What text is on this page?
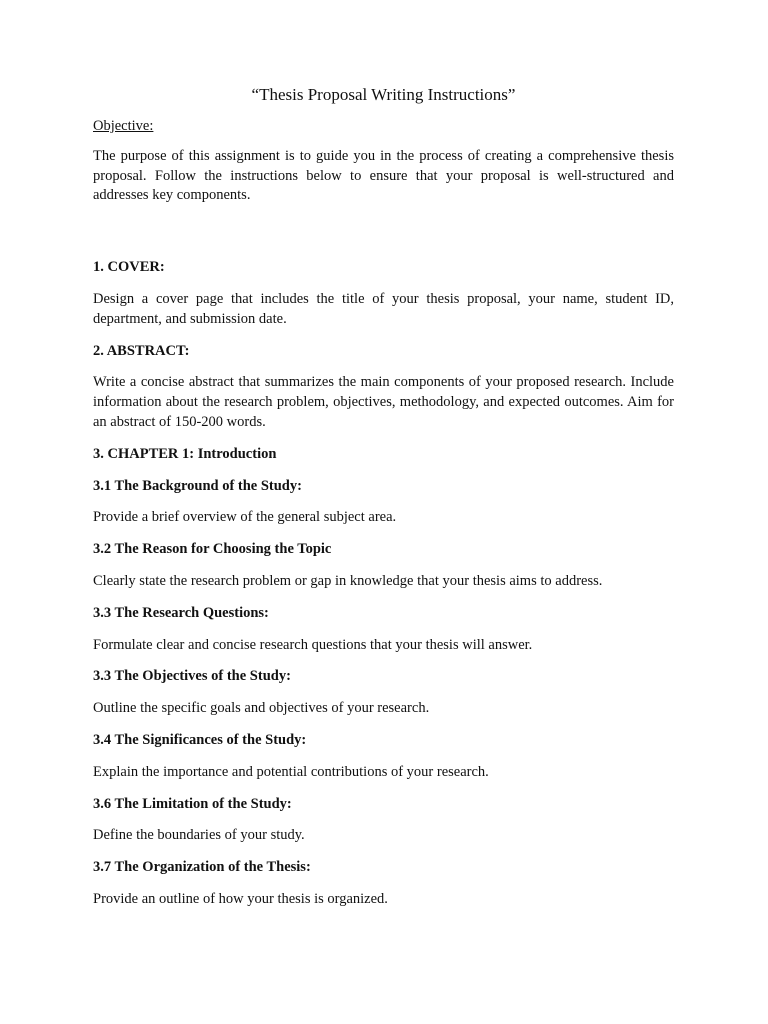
“Thesis Proposal Writing Instructions”
Objective:

The purpose of this assignment is to guide you in the process of creating a comprehensive thesis proposal. Follow the instructions below to ensure that your proposal is well-structured and addresses key components.

1. COVER:

Design a cover page that includes the title of your thesis proposal, your name, student ID, department, and submission date.

2. ABSTRACT:

Write a concise abstract that summarizes the main components of your proposed research. Include information about the research problem, objectives, methodology, and expected outcomes. Aim for an abstract of 150-200 words.

3. CHAPTER 1: Introduction
3.1 The Background of the Study:

Provide a brief overview of the general subject area.

3.2 The Reason for Choosing the Topic

Clearly state the research problem or gap in knowledge that your thesis aims to address.

3.3 The Research Questions:

Formulate clear and concise research questions that your thesis will answer.

3.3 The Objectives of the Study:

Outline the specific goals and objectives of your research.

3.4 The Significances of the Study:

Explain the importance and potential contributions of your research.

3.6 The Limitation of the Study:

Define the boundaries of your study.

3.7 The Organization of the Thesis:

Provide an outline of how your thesis is organized.
